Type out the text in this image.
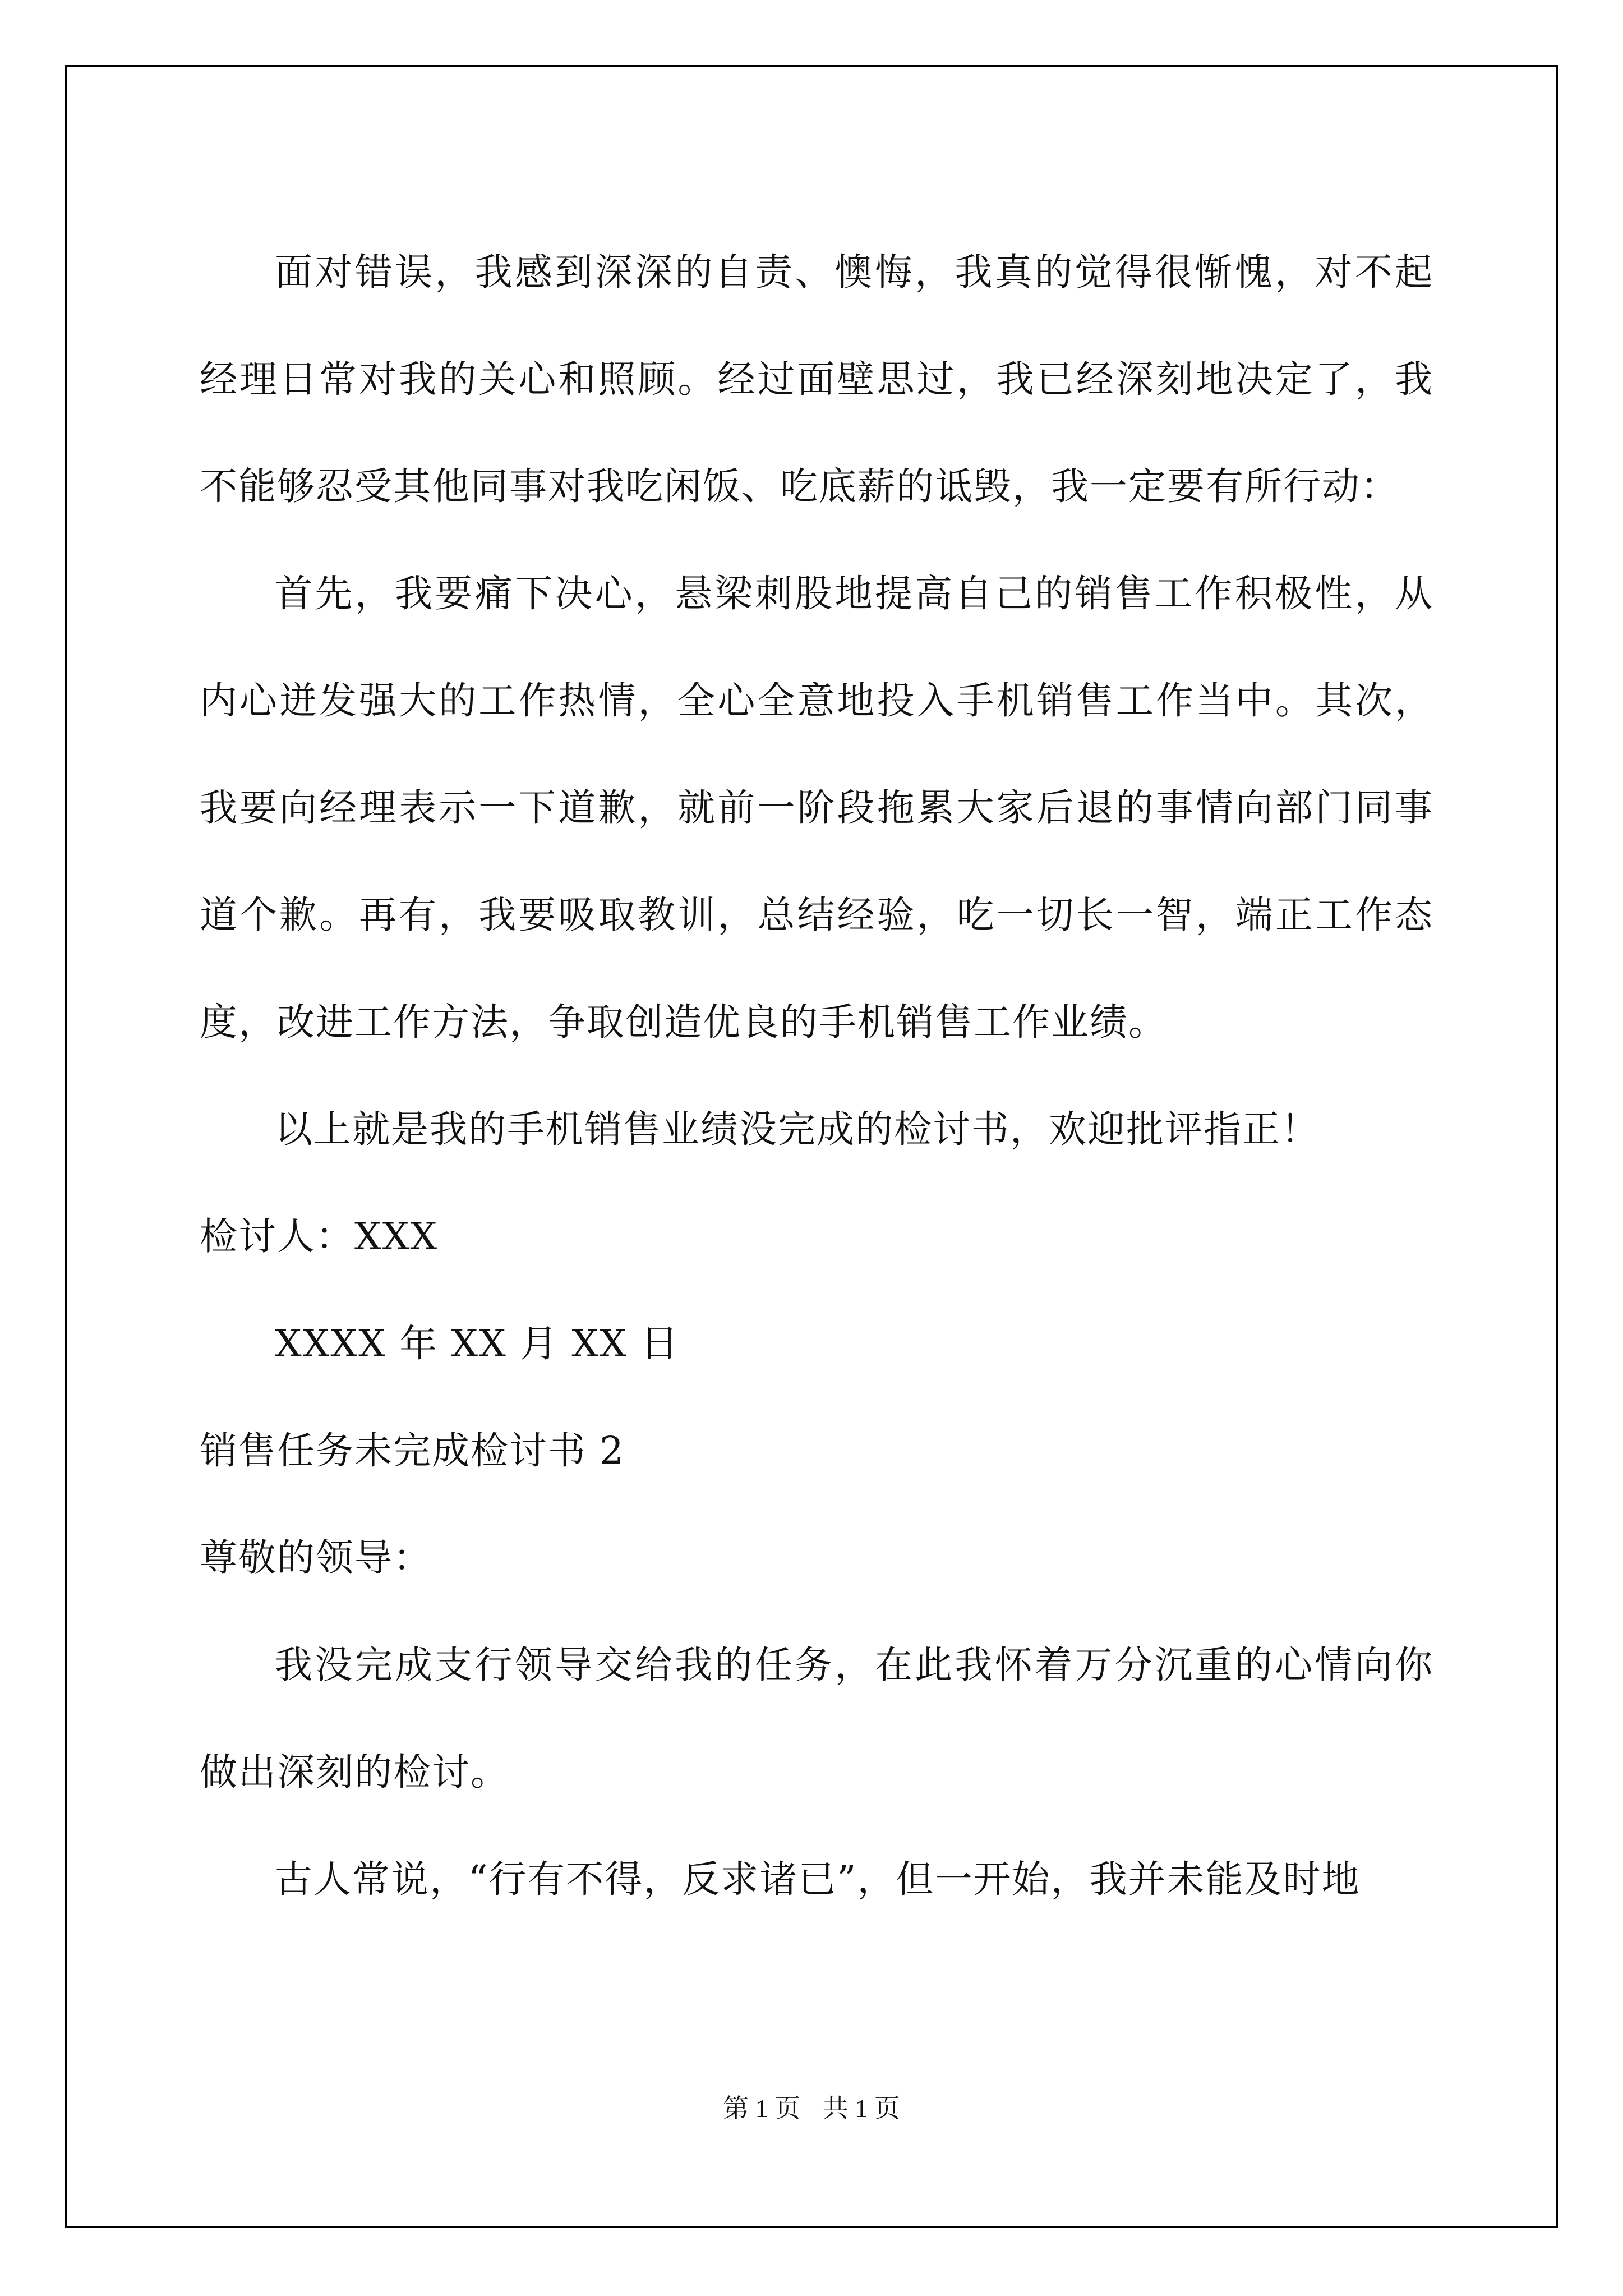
面对错误，我感到深深的自责、懊悔，我真的觉得很惭愧，对不起经理日常对我的关心和照顾。经过面壁思过，我已经深刻地决定了，我不能够忍受其他同事对我吃闲饭、吃底薪的诋毁，我一定要有所行动：

首先，我要痛下决心，悬梁刺股地提高自己的销售工作积极性，从内心迸发强大的工作热情，全心全意地投入手机销售工作当中。其次，我要向经理表示一下道歉，就前一阶段拖累大家后退的事情向部门同事道个歉。再有，我要吸取教训，总结经验，吃一切长一智，端正工作态度，改进工作方法，争取创造优良的手机销售工作业绩。

以上就是我的手机销售业绩没完成的检讨书，欢迎批评指正！

检讨人：XXX

XXXX 年 XX 月 XX 日

销售任务未完成检讨书 2

尊敬的领导：

我没完成支行领导交给我的任务，在此我怀着万分沉重的心情向你做出深刻的检讨。

古人常说，“行有不得，反求诸已”，但一开始，我并未能及时地

第 1 页 共 1 页
